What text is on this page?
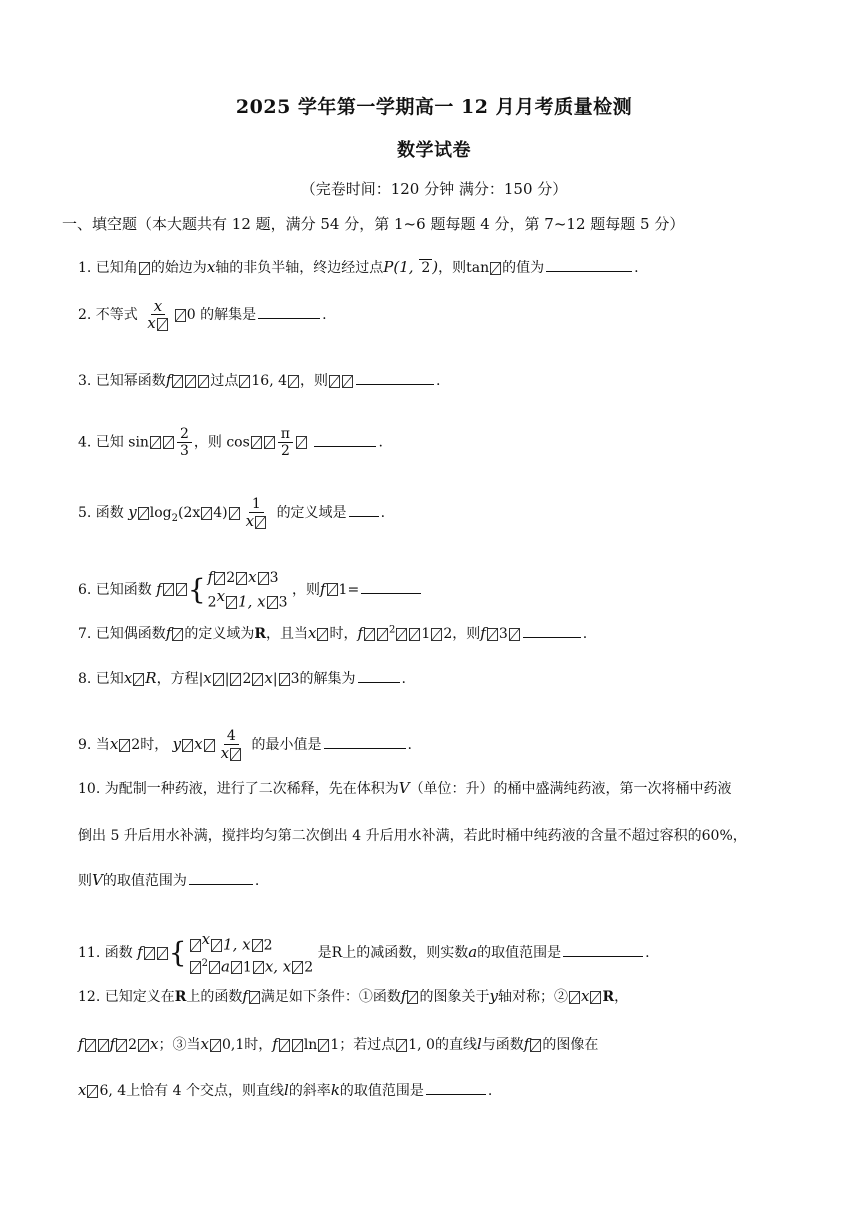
2025 学年第一学期高一 12 月月考质量检测
数学试卷
（完卷时间：120 分钟 满分：150 分）
一、填空题（本大题共有 12 题，满分 54 分，第 1~6 题每题 4 分，第 7~12 题每题 5 分）
1. 已知角 的始边为x轴的非负半轴，终边经过点P(1, 2 )，则tan 的值为	.
2. 不等式 $\frac{x}{x} 0$ 的解集是	.
3. 已知幂函数f	过点 16, 4 ，则	.
4. 已知 $\sin \frac{2}{3}$ ，则 $\cos \frac{\pi}{2}$	.
5. 函数 y $\log_2(2x$ $4) \frac{1}{x}$ 的定义域是 .
6. 已知函数 f { f 2 x 3
2$^x$ 1, x 3
，则f 1=
7. 已知偶函数f 的定义域为R，且当x 时，f	$^2$ 1 2，则f 3	.
8. 已知x R，方程|x | 2 x| 3的解集为	.
9. 当x 2时， y x $\frac{4}{x}$ 的最小值是	.
10. 为配制一种药液，进行了二次稀释，先在体积为V（单位：升）的桶中盛满纯药液，第一次将桶中药液
倒出 5 升后用水补满，搅拌均匀第二次倒出 4 升后用水补满，若此时桶中纯药液的含量不超过容积的60%，
则V的取值范围为	.
11. 函数 f {	$^x$ 1, x 2
$^2$ a 1 x, x 2
是R上的减函数，则实数a的取值范围是	.
12. 已知定义在R上的函数f 满足如下条件：①函数f 的图象关于y轴对称；② x R，
f f 2 x；③当x 0,1时，f ln 1；若过点 1, 0的直线l与函数f 的图像在
x 6, 4上恰有 4 个交点，则直线l的斜率k的取值范围是	.
